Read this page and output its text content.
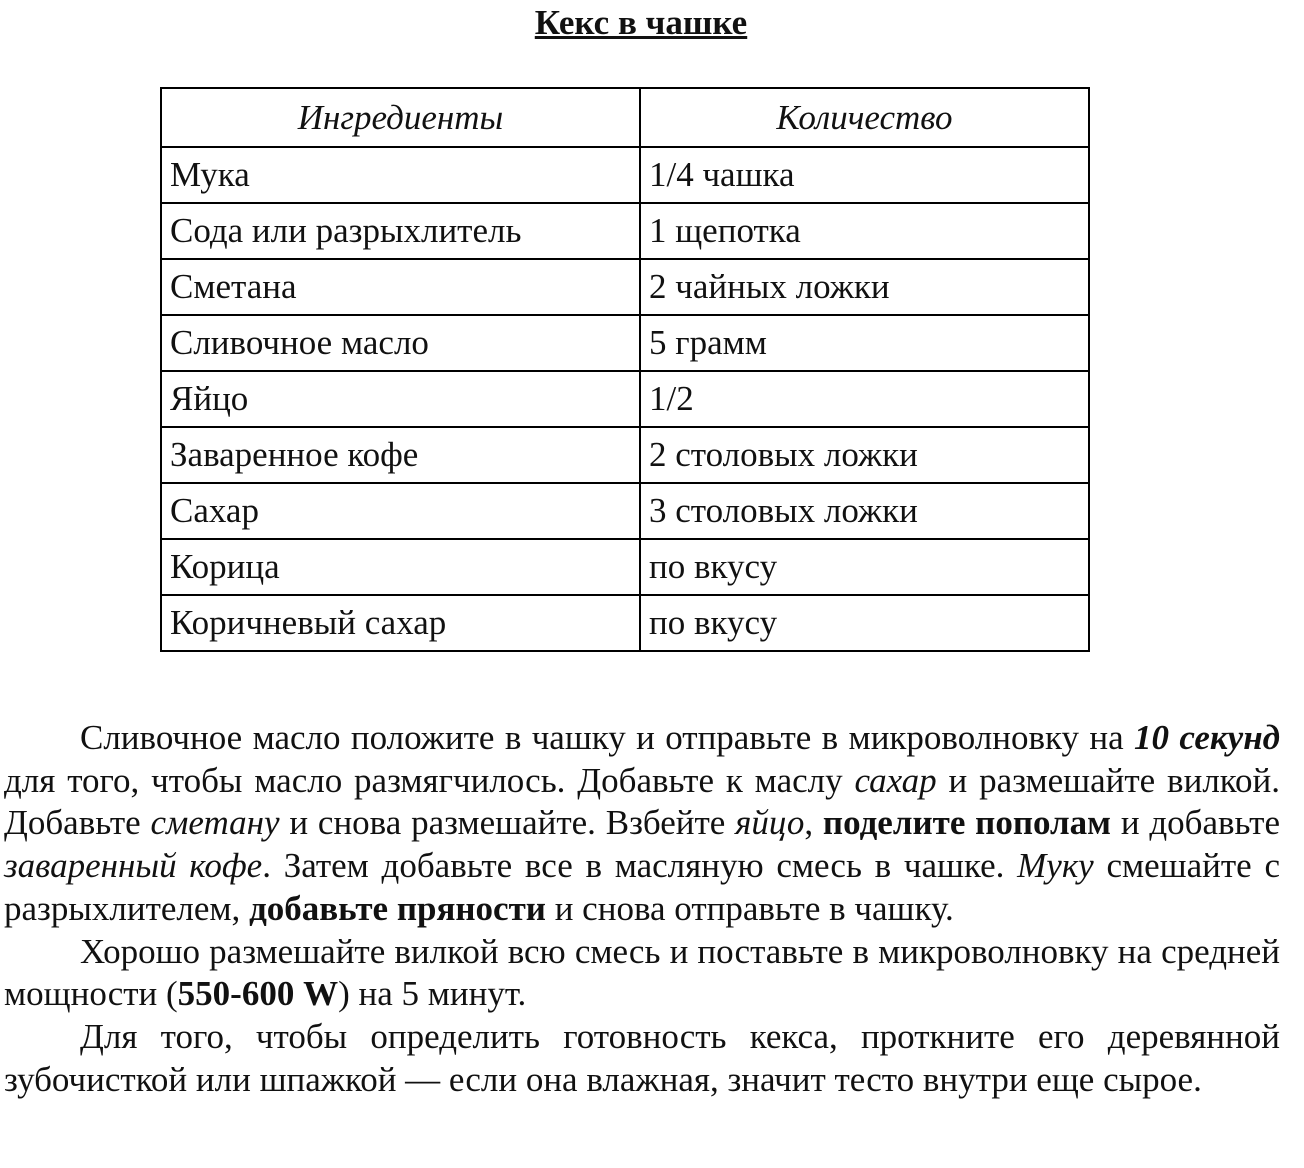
Кекс в чашке
Ингредиенты	Количество
Мука	1/4 чашка
Сода или разрыхлитель	1 щепотка
Сметана	2 чайных ложки
Сливочное масло	5 грамм
Яйцо	1/2
Заваренное кофе	2 столовых ложки
Сахар	3 столовых ложки
Корица	по вкусу
Коричневый сахар	по вкусу

Сливочное масло положите в чашку и отправьте в микроволновку на 10 секунд для того, чтобы масло размягчилось. Добавьте к маслу сахар и размешайте вилкой. Добавьте сметану и снова размешайте. Взбейте яйцо, поделите пополам и добавьте заваренный кофе. Затем добавьте все в масляную смесь в чашке. Муку смешайте с разрыхлителем, добавьте пряности и снова отправьте в чашку.

Хорошо размешайте вилкой всю смесь и поставьте в микроволновку на средней мощности (550-600 W) на 5 минут.

Для того, чтобы определить готовность кекса, проткните его деревянной зубочисткой или шпажкой — если она влажная, значит тесто внутри еще сырое.
